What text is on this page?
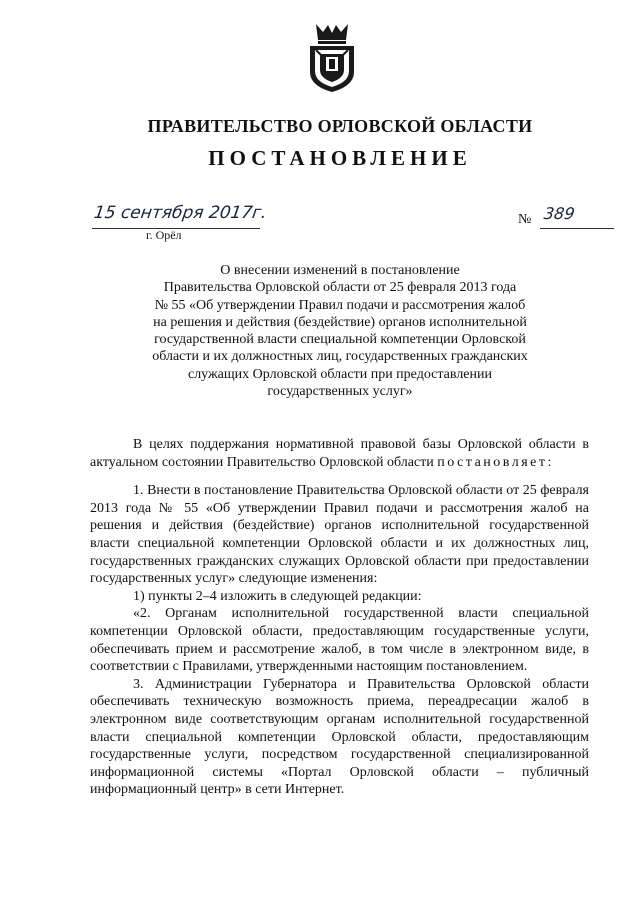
ПРАВИТЕЛЬСТВО ОРЛОВСКОЙ ОБЛАСТИ
ПОСТАНОВЛЕНИЕ
15 сентября 2017г.
г. Орёл
№ 389

О внесении изменений в постановление

Правительства Орловской области от 25 февраля 2013 года

№ 55 «Об утверждении Правил подачи и рассмотрения жалоб

на решения и действия (бездействие) органов исполнительной

государственной власти специальной компетенции Орловской

области и их должностных лиц, государственных гражданских

служащих Орловской области при предоставлении

государственных услуг»

В целях поддержания нормативной правовой базы Орловской области в актуальном состоянии Правительство Орловской области постановляет:

1. Внести в постановление Правительства Орловской области от 25 февраля 2013 года № 55 «Об утверждении Правил подачи и рассмотрения жалоб на решения и действия (бездействие) органов исполнительной государственной власти специальной компетенции Орловской области и их должностных лиц, государственных гражданских служащих Орловской области при предоставлении государственных услуг» следующие изменения:

1) пункты 2–4 изложить в следующей редакции:

«2. Органам исполнительной государственной власти специальной компетенции Орловской области, предоставляющим государственные услуги, обеспечивать прием и рассмотрение жалоб, в том числе в электронном виде, в соответствии с Правилами, утвержденными настоящим постановлением.

3. Администрации Губернатора и Правительства Орловской области обеспечивать техническую возможность приема, переадресации жалоб в электронном виде соответствующим органам исполнительной государственной власти специальной компетенции Орловской области, предоставляющим государственные услуги, посредством государственной специализированной информационной системы «Портал Орловской области – публичный информационный центр» в сети Интернет.
